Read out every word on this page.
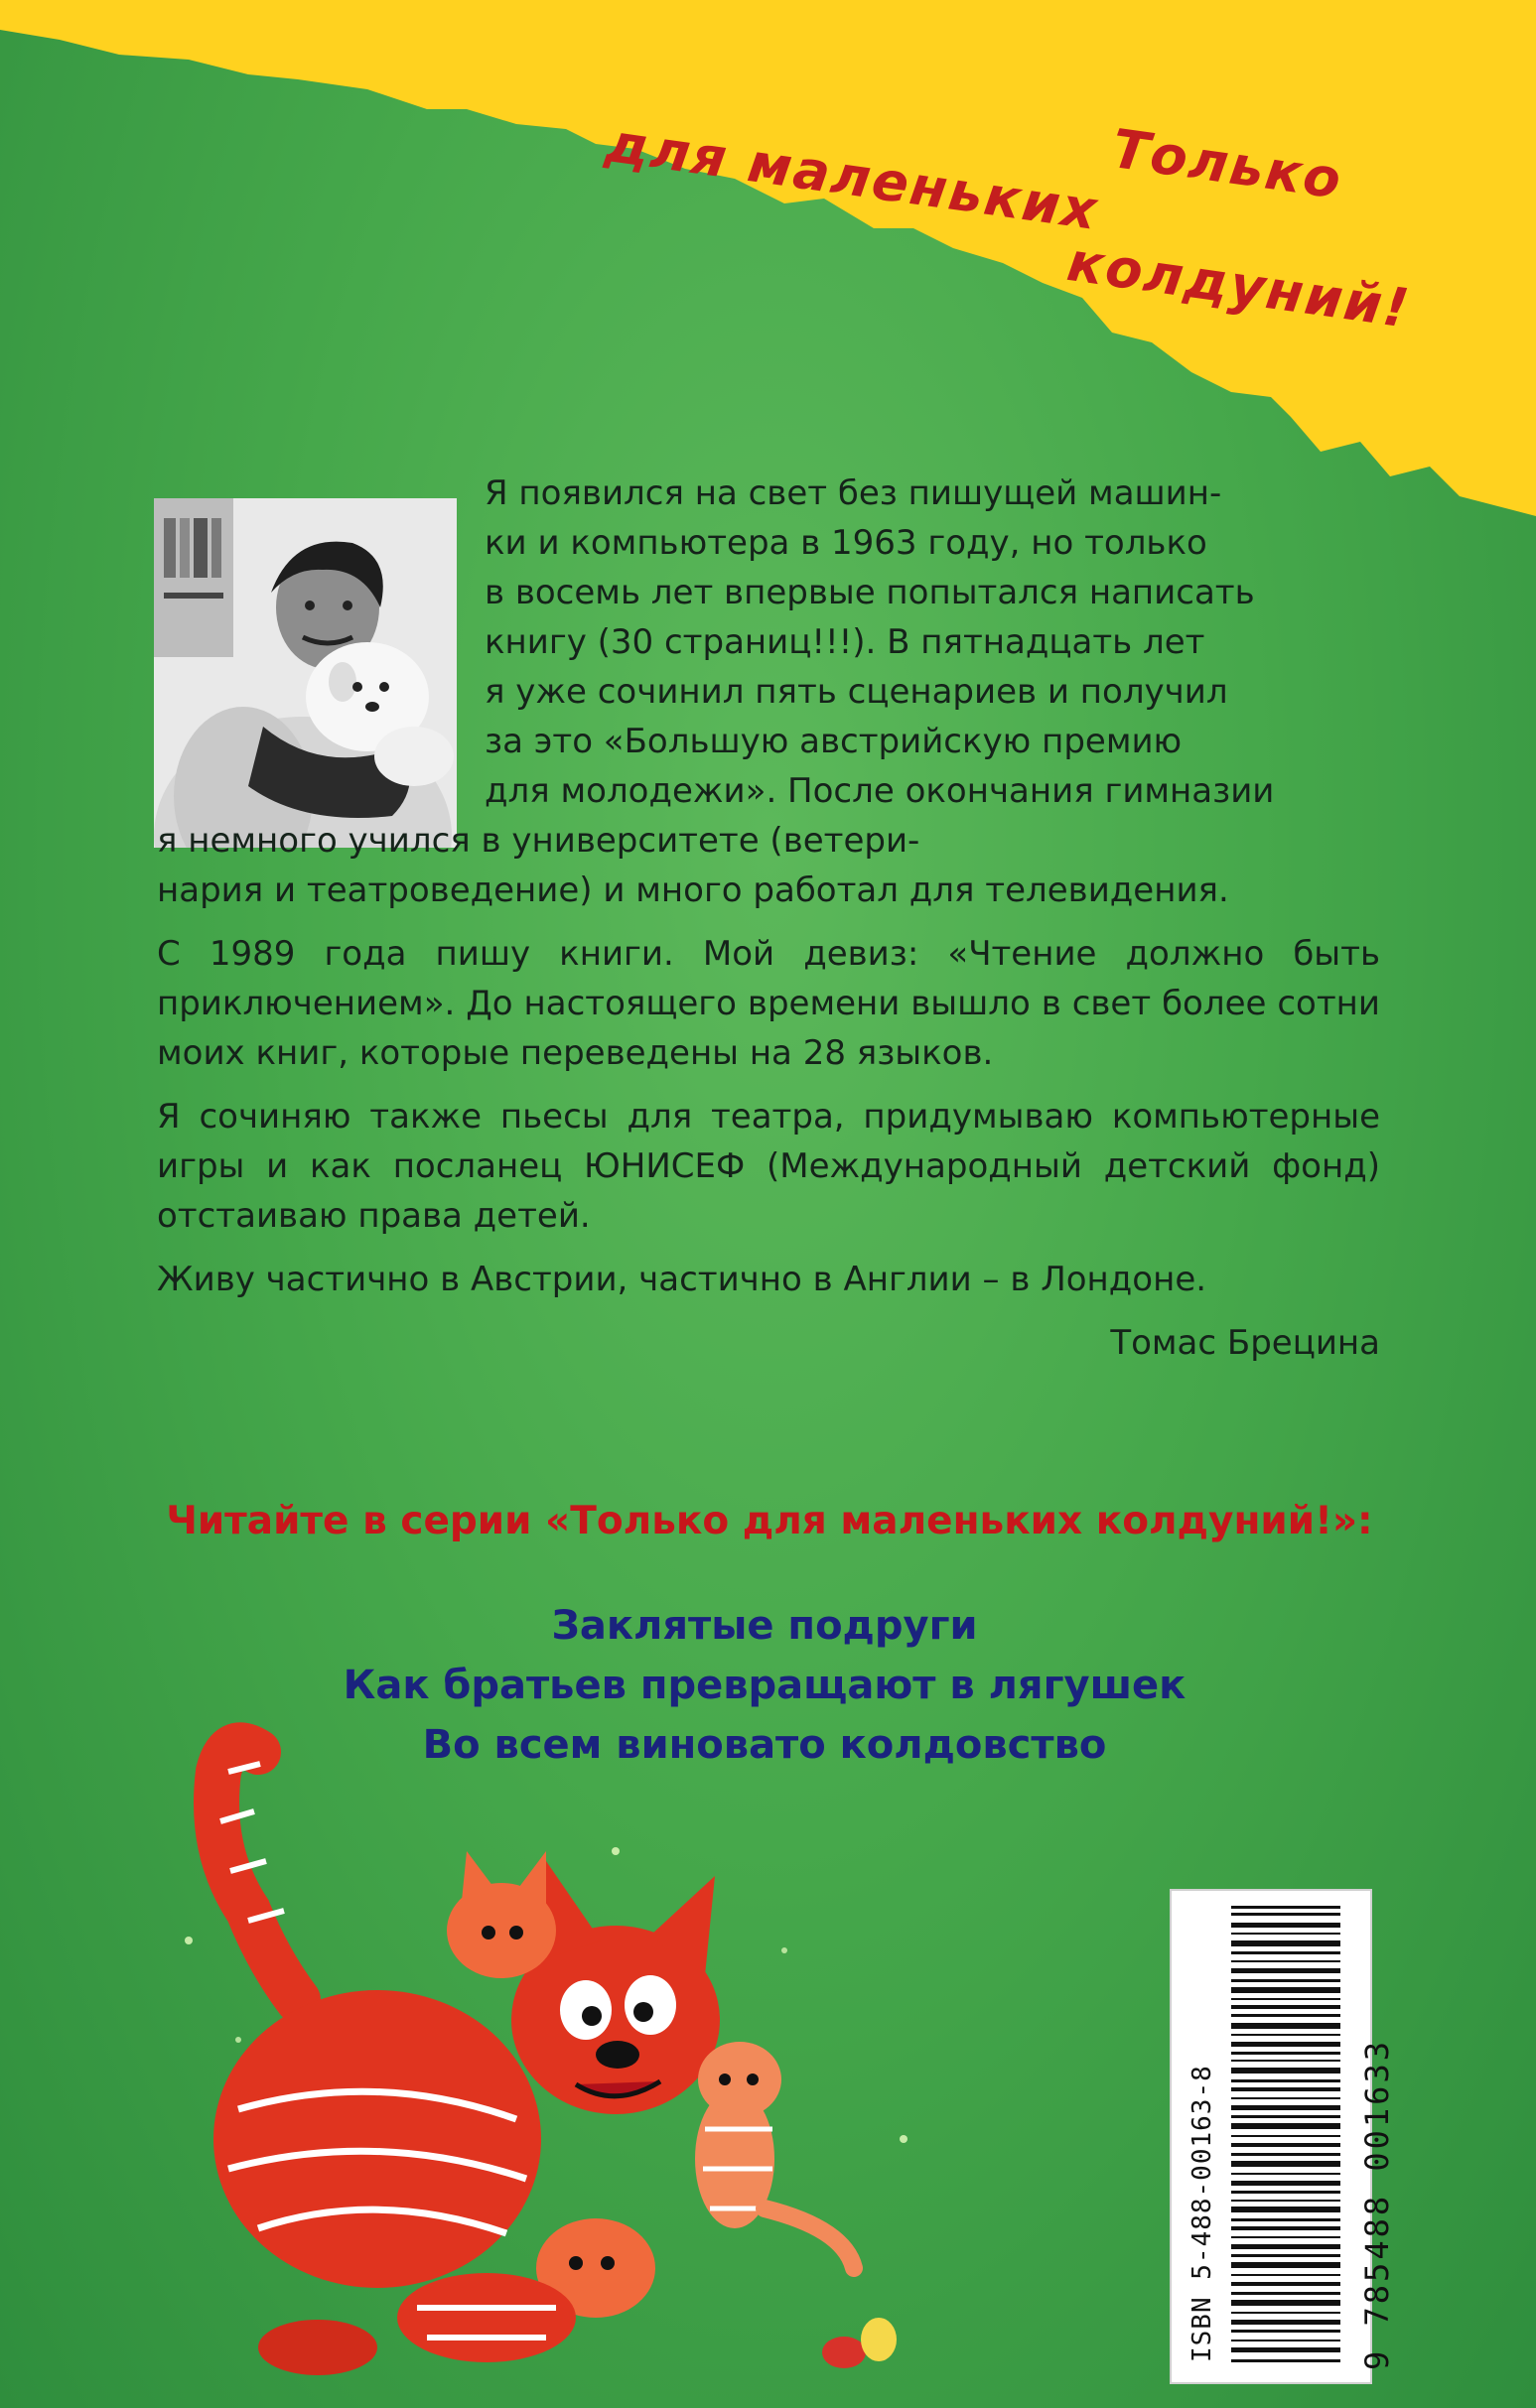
Только
для маленьких
колдуний!

Я появился на свет без пишущей машин-
ки и компьютера в 1963 году, но только
в восемь лет впервые попытался написать
книгу (30 страниц!!!). В пятнадцать лет
я уже сочинил пять сценариев и получил
за это «Большую австрийскую премию
для молодежи». После окончания гимназии

я немного учился в университете (ветери-
нария и театроведение) и много работал для телевидения.

С 1989 года пишу книги. Мой девиз: «Чтение должно быть приключением». До настоящего времени вышло в свет более сотни моих книг, которые переведены на 28 языков.

Я сочиняю также пьесы для театра, придумываю компьютерные игры и как посланец ЮНИСЕФ (Международный детский фонд) отстаиваю права детей.

Живу частично в Австрии, частично в Англии – в Лондоне.

Томас Брецина

Читайте в серии «Только для маленьких колдуний!»:
Заклятые подруги
Как братьев превращают в лягушек
Во всем виновато колдовство
ISBN 5-488-00163-8	9 785488 001633
